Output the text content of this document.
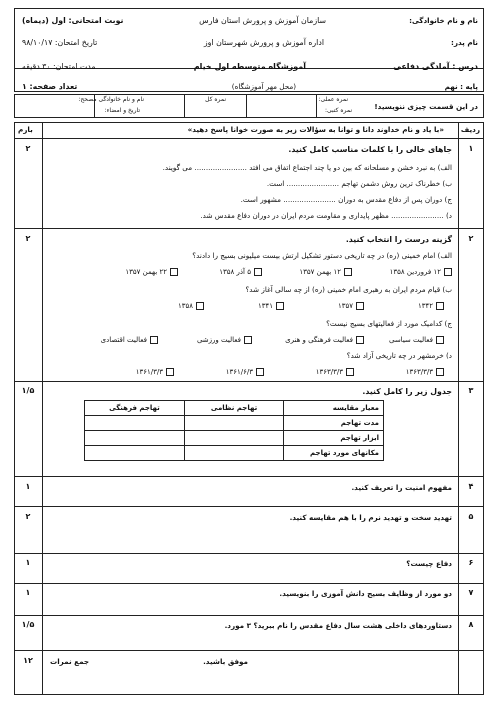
نام و نام خانوادگی:
نام پدر:
درس : آمادگی دفاعی
پایه : نهم
سازمان آموزش و پرورش استان فارس
اداره آموزش و پرورش شهرستان اوز
آموزشگاه متوسطه اول خیام
(محل مهر آموزشگاه)
نوبت امتحانی: اول (دیماه)
تاریخ امتحان: ۹۸/۱۰/۱۷
مدت امتحان: ۳۰ دقیقه
تعداد صفحه: ۱
در این قسمت چیزی ننویسید!
نمره عملی:
نمره کتبی:
نمره کل
نام و نام خانوادگی مصحح:
تاریخ و امضاء:
«با یاد و نام خداوند دانا و توانا به سؤالات زیر به صورت خوانا پاسخ دهید» ردیف
بارم
۱
۲	جاهای خالی را با کلمات مناسب کامل کنید.
الف) به نبرد خشن و مسلحانه که بین دو یا چند اجتماع اتفاق می افتد ....................... می گویند.
ب) خطرناک ترین روش دشمن تهاجم ....................... است.
ج) دوران پس از دفاع مقدس به دوران ....................... مشهور است.
د) ....................... مظهر پایداری و مقاومت مردم ایران در دوران دفاع مقدس شد.
۲
۲	گزینه درست را انتخاب کنید.
الف) امام خمینی (ره) در چه تاریخی دستور تشکیل ارتش بیست میلیونی بسیج را دادند؟
۱۲ فروردین ۱۳۵۸
۱۲ بهمن ۱۳۵۷
۵ آذر ۱۳۵۸
۲۲ بهمن ۱۳۵۷
ب) قیام مردم ایران به رهبری امام خمینی (ره) از چه سالی آغاز شد؟
۱۳۴۲
۱۳۵۷
۱۳۴۱
۱۳۵۸
ج) کدامیک مورد از فعالیتهای بسیج نیست؟
فعالیت سیاسی
فعالیت فرهنگی و هنری
فعالیت ورزشی
فعالیت اقتصادی
د) خرمشهر در چه تاریخی آزاد شد؟
۱۳۶۳/۳/۳
۱۳۶۳/۳/۳
۱۳۶۱/۶/۳
۱۳۶۱/۳/۳
۳
۱/۵	جدول زیر را کامل کنید.
معیار مقایسه	تهاجم نظامی	تهاجم فرهنگی
مدت تهاجم		
ابزار تهاجم		
مکانهای مورد تهاجم		
۴
۱	مفهوم امنیت را تعریف کنید.
۵
۲	تهدید سخت و تهدید نرم را با هم مقایسه کنید.
۶
۱	دفاع چیست؟
۷
۱	دو مورد از وظایف بسیج دانش آموزی را بنویسید.
۸
۱/۵	دستاوردهای داخلی هشت سال دفاع مقدس را نام ببرید؟ ۳ مورد.
موفق باشید.
جمع نمرات
۱۲
